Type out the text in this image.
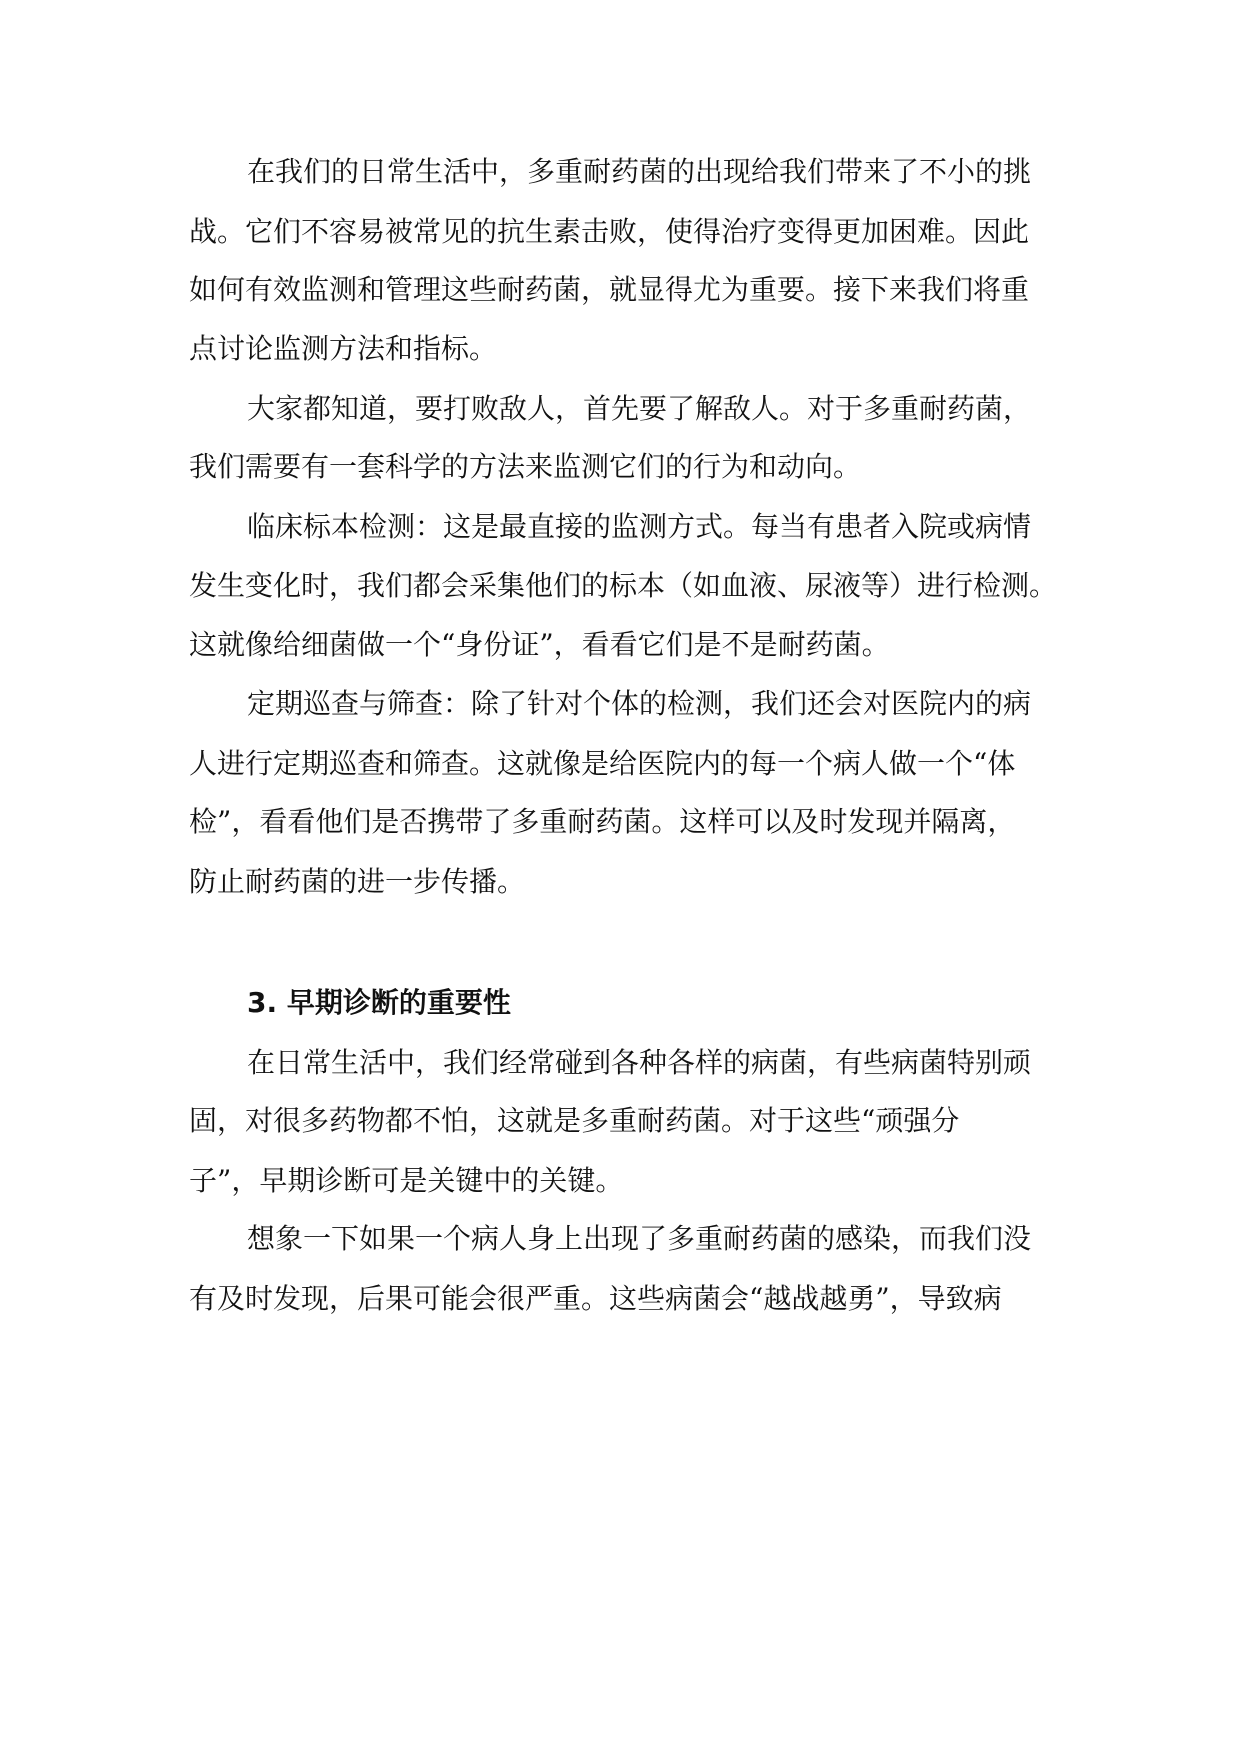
在我们的日常生活中，多重耐药菌的出现给我们带来了不小的挑
战。它们不容易被常见的抗生素击败，使得治疗变得更加困难。因此
如何有效监测和管理这些耐药菌，就显得尤为重要。接下来我们将重
点讨论监测方法和指标。
大家都知道，要打败敌人，首先要了解敌人。对于多重耐药菌，
我们需要有一套科学的方法来监测它们的行为和动向。
临床标本检测：这是最直接的监测方式。每当有患者入院或病情
发生变化时，我们都会采集他们的标本（如血液、尿液等）进行检测。
这就像给细菌做一个“身份证”，看看它们是不是耐药菌。
定期巡查与筛查：除了针对个体的检测，我们还会对医院内的病
人进行定期巡查和筛查。这就像是给医院内的每一个病人做一个“体
检”，看看他们是否携带了多重耐药菌。这样可以及时发现并隔离，
防止耐药菌的进一步传播。
3. 早期诊断的重要性
在日常生活中，我们经常碰到各种各样的病菌，有些病菌特别顽
固，对很多药物都不怕，这就是多重耐药菌。对于这些“顽强分
子”，早期诊断可是关键中的关键。
想象一下如果一个病人身上出现了多重耐药菌的感染，而我们没
有及时发现，后果可能会很严重。这些病菌会“越战越勇”，导致病
